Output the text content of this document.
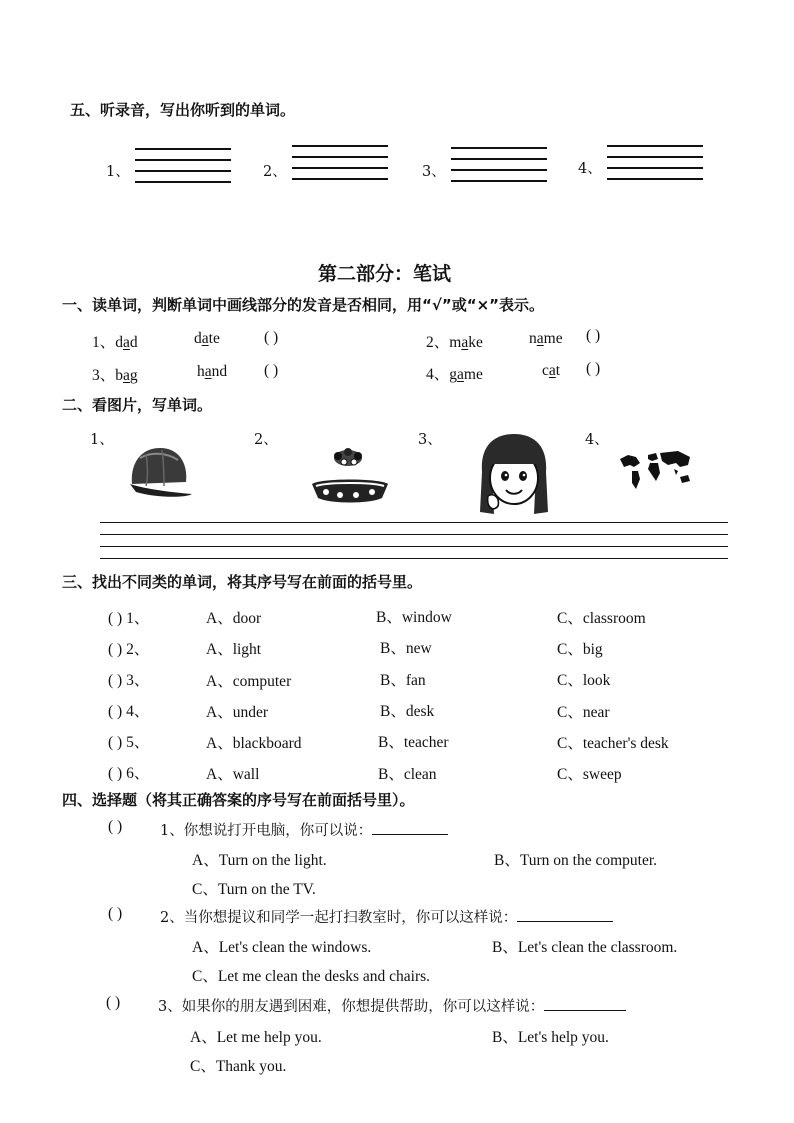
五、听录音，写出你听到的单词。
1、	2、	3、	4、
第二部分：笔试
一、读单词，判断单词中画线部分的发音是否相同，用“√”或“×”表示。
1、dad	date	( )	2、make	name ( )
3、bag	hand ( )	4、game	cat ( )
二、看图片，写单词。
1、	2、	3、	4、
三、找出不同类的单词，将其序号写在前面的括号里。
( ) 1、	A、door	B、window	C、classroom
( ) 2、	A、light	B、new	C、big
( ) 3、	A、computer	B、fan	C、look
( ) 4、	A、under	B、desk	C、near
( ) 5、	A、blackboard	B、teacher	C、teacher's desk
( ) 6、	A、wall	B、clean	C、sweep
四、选择题（将其正确答案的序号写在前面括号里）。
( )	1、你想说打开电脑，你可以说：
A、Turn on the light.	B、Turn on the computer.
C、Turn on the TV.
( )	2、当你想提议和同学一起打扫教室时，你可以这样说：
A、Let's clean the windows.	B、Let's clean the classroom.
C、Let me clean the desks and chairs.
( )	3、如果你的朋友遇到困难，你想提供帮助，你可以这样说：
A、Let me help you.	B、Let's help you.
C、Thank you.
